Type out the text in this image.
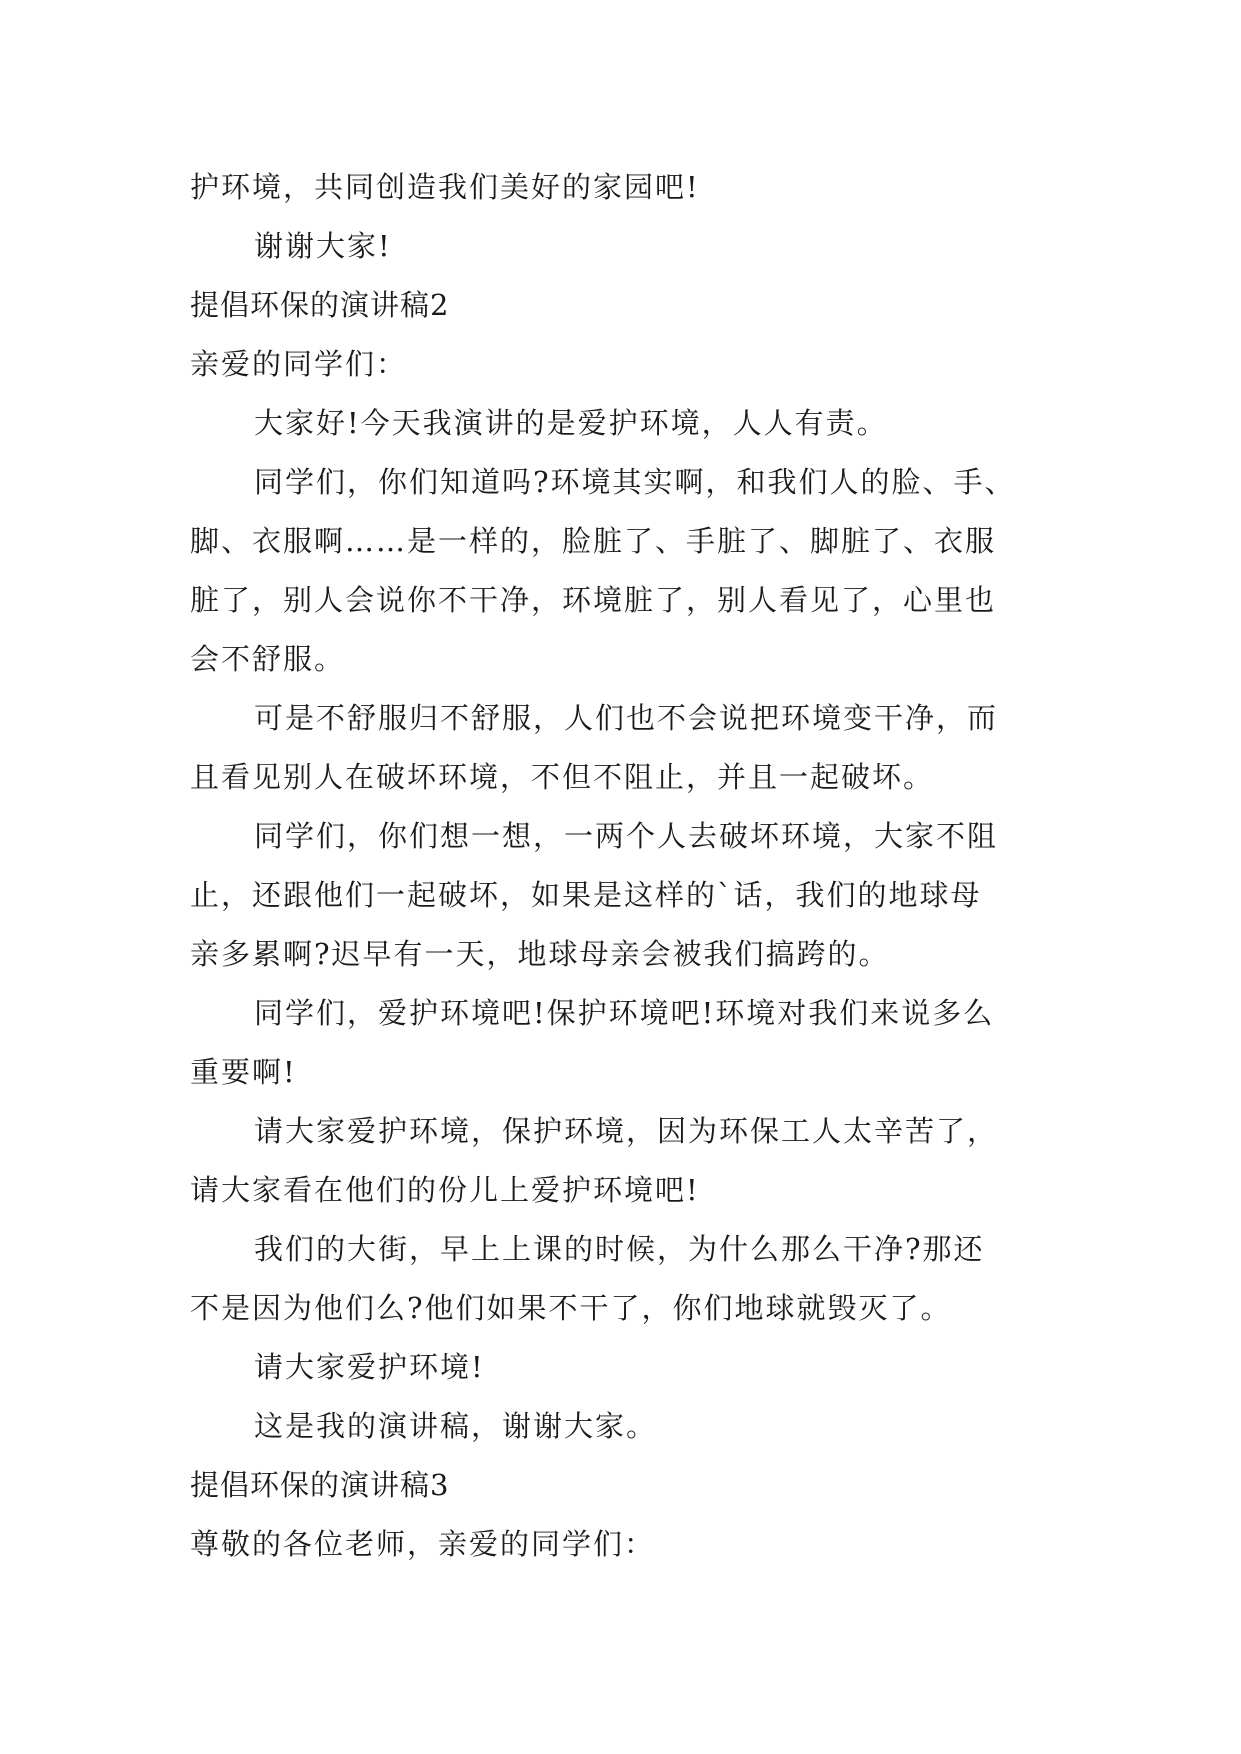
护环境，共同创造我们美好的家园吧!
谢谢大家!
提倡环保的演讲稿2
亲爱的同学们：
大家好!今天我演讲的是爱护环境，人人有责。
同学们，你们知道吗?环境其实啊，和我们人的脸、手、
脚、衣服啊……是一样的，脸脏了、手脏了、脚脏了、衣服
脏了，别人会说你不干净，环境脏了，别人看见了，心里也
会不舒服。
可是不舒服归不舒服，人们也不会说把环境变干净，而
且看见别人在破坏环境，不但不阻止，并且一起破坏。
同学们，你们想一想，一两个人去破坏环境，大家不阻
止，还跟他们一起破坏，如果是这样的`话，我们的地球母
亲多累啊?迟早有一天，地球母亲会被我们搞跨的。
同学们，爱护环境吧!保护环境吧!环境对我们来说多么
重要啊!
请大家爱护环境，保护环境，因为环保工人太辛苦了，
请大家看在他们的份儿上爱护环境吧!
我们的大街，早上上课的时候，为什么那么干净?那还
不是因为他们么?他们如果不干了，你们地球就毁灭了。
请大家爱护环境!
这是我的演讲稿，谢谢大家。
提倡环保的演讲稿3
尊敬的各位老师，亲爱的同学们：
